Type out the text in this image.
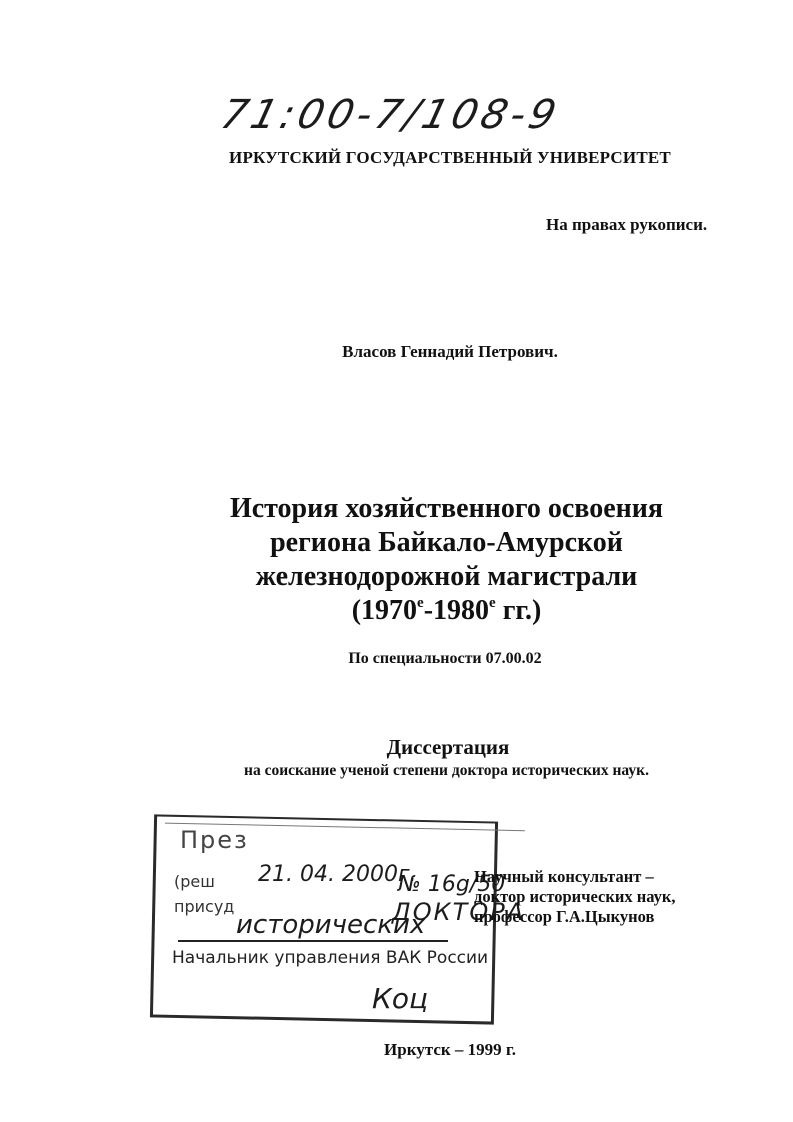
71:00-7/108-9
ИРКУТСКИЙ ГОСУДАРСТВЕННЫЙ УНИВЕРСИТЕТ
На правах рукописи.
Власов Геннадий Петрович.
История хозяйственного освоения
региона Байкало-Амурской
железнодорожной магистрали
($1970^е-1980^е$ гг.)
По специальности 07.00.02
Диссертация
на соискание ученой степени доктора исторических наук.
През
(реш 21. 04. 2000г.
№ 16g/50
присуд	ДОКТОРА
исторических
Начальник управления ВАК России
Коц
Научный консультант –
доктор исторических наук,
профессор Г.А.Цыкунов
Иркутск – 1999 г.
